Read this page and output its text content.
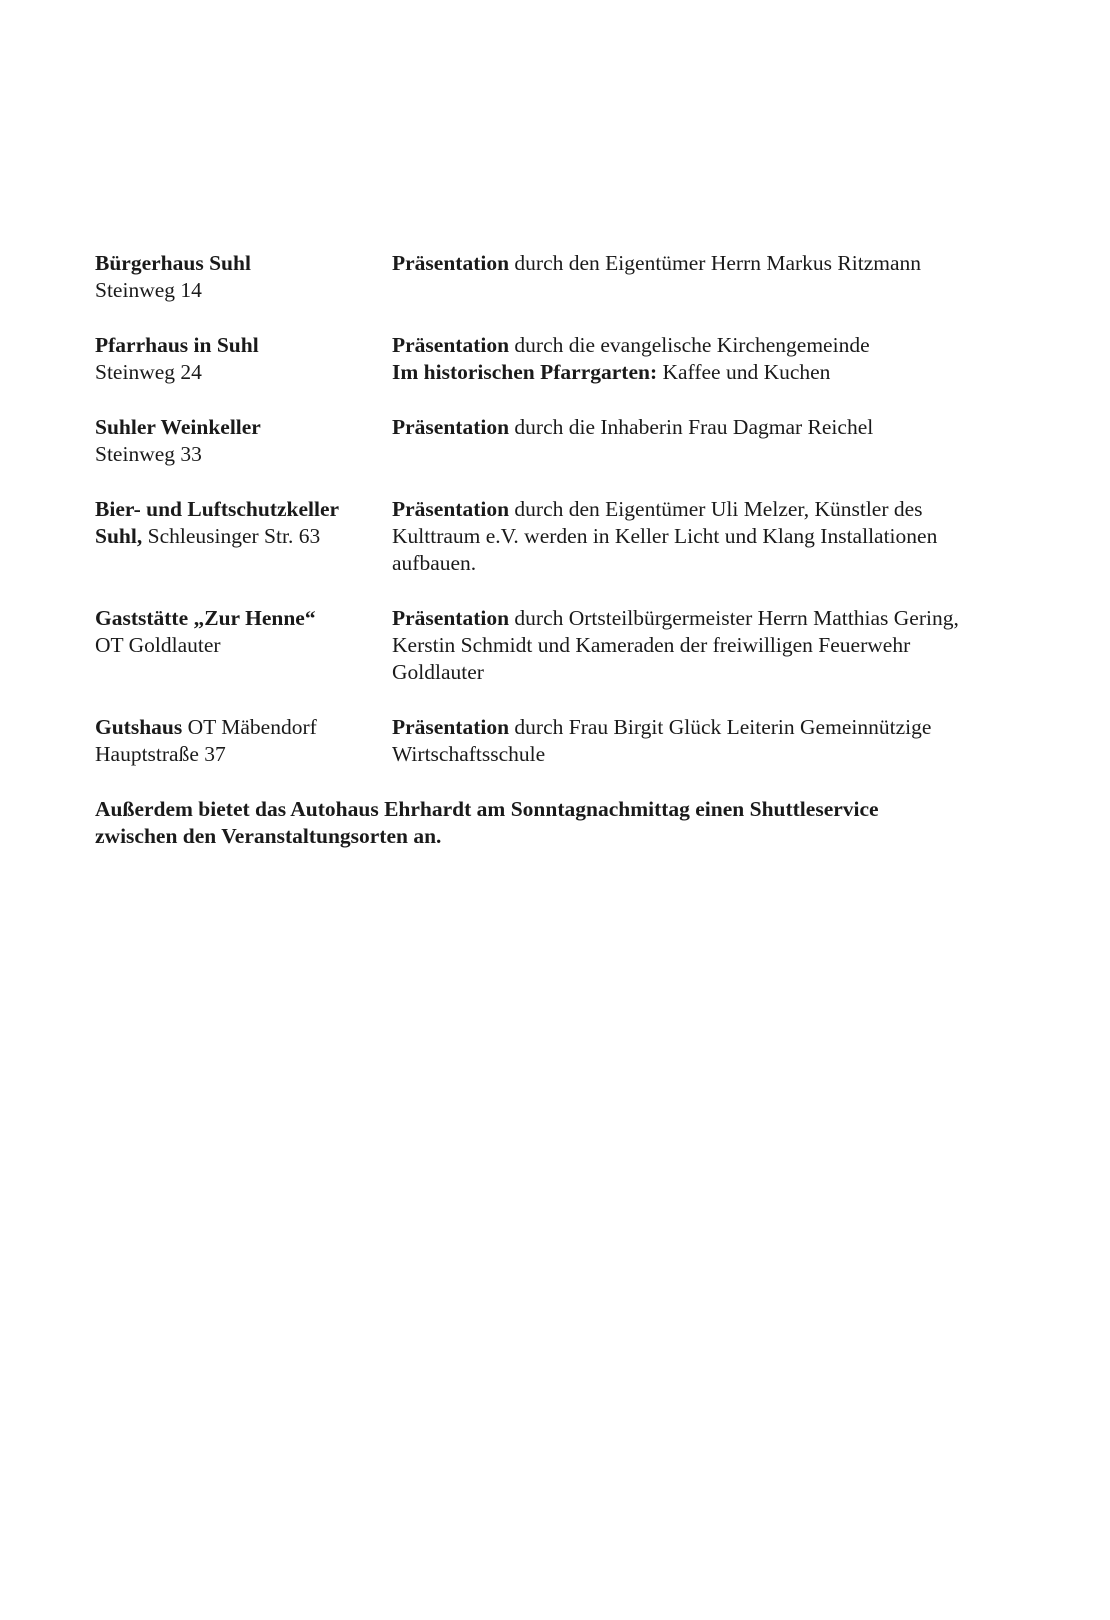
Bürgerhaus Suhl
Steinweg 14
Präsentation durch den Eigentümer Herrn Markus Ritzmann
Pfarrhaus in Suhl
Steinweg 24
Präsentation durch die evangelische Kirchengemeinde
Im historischen Pfarrgarten: Kaffee und Kuchen
Suhler Weinkeller
Steinweg 33
Präsentation durch die Inhaberin Frau Dagmar Reichel
Bier- und Luftschutzkeller
Suhl, Schleusinger Str. 63
Präsentation durch den Eigentümer Uli Melzer, Künstler des
Kulttraum e.V. werden in Keller Licht und Klang Installationen
aufbauen.
Gaststätte „Zur Henne“
OT Goldlauter
Präsentation durch Ortsteilbürgermeister Herrn Matthias Gering,
Kerstin Schmidt und Kameraden der freiwilligen Feuerwehr
Goldlauter
Gutshaus OT Mäbendorf
Hauptstraße 37
Präsentation durch Frau Birgit Glück Leiterin Gemeinnützige
Wirtschaftsschule
Außerdem bietet das Autohaus Ehrhardt am Sonntagnachmittag einen Shuttleservice
zwischen den Veranstaltungsorten an.
